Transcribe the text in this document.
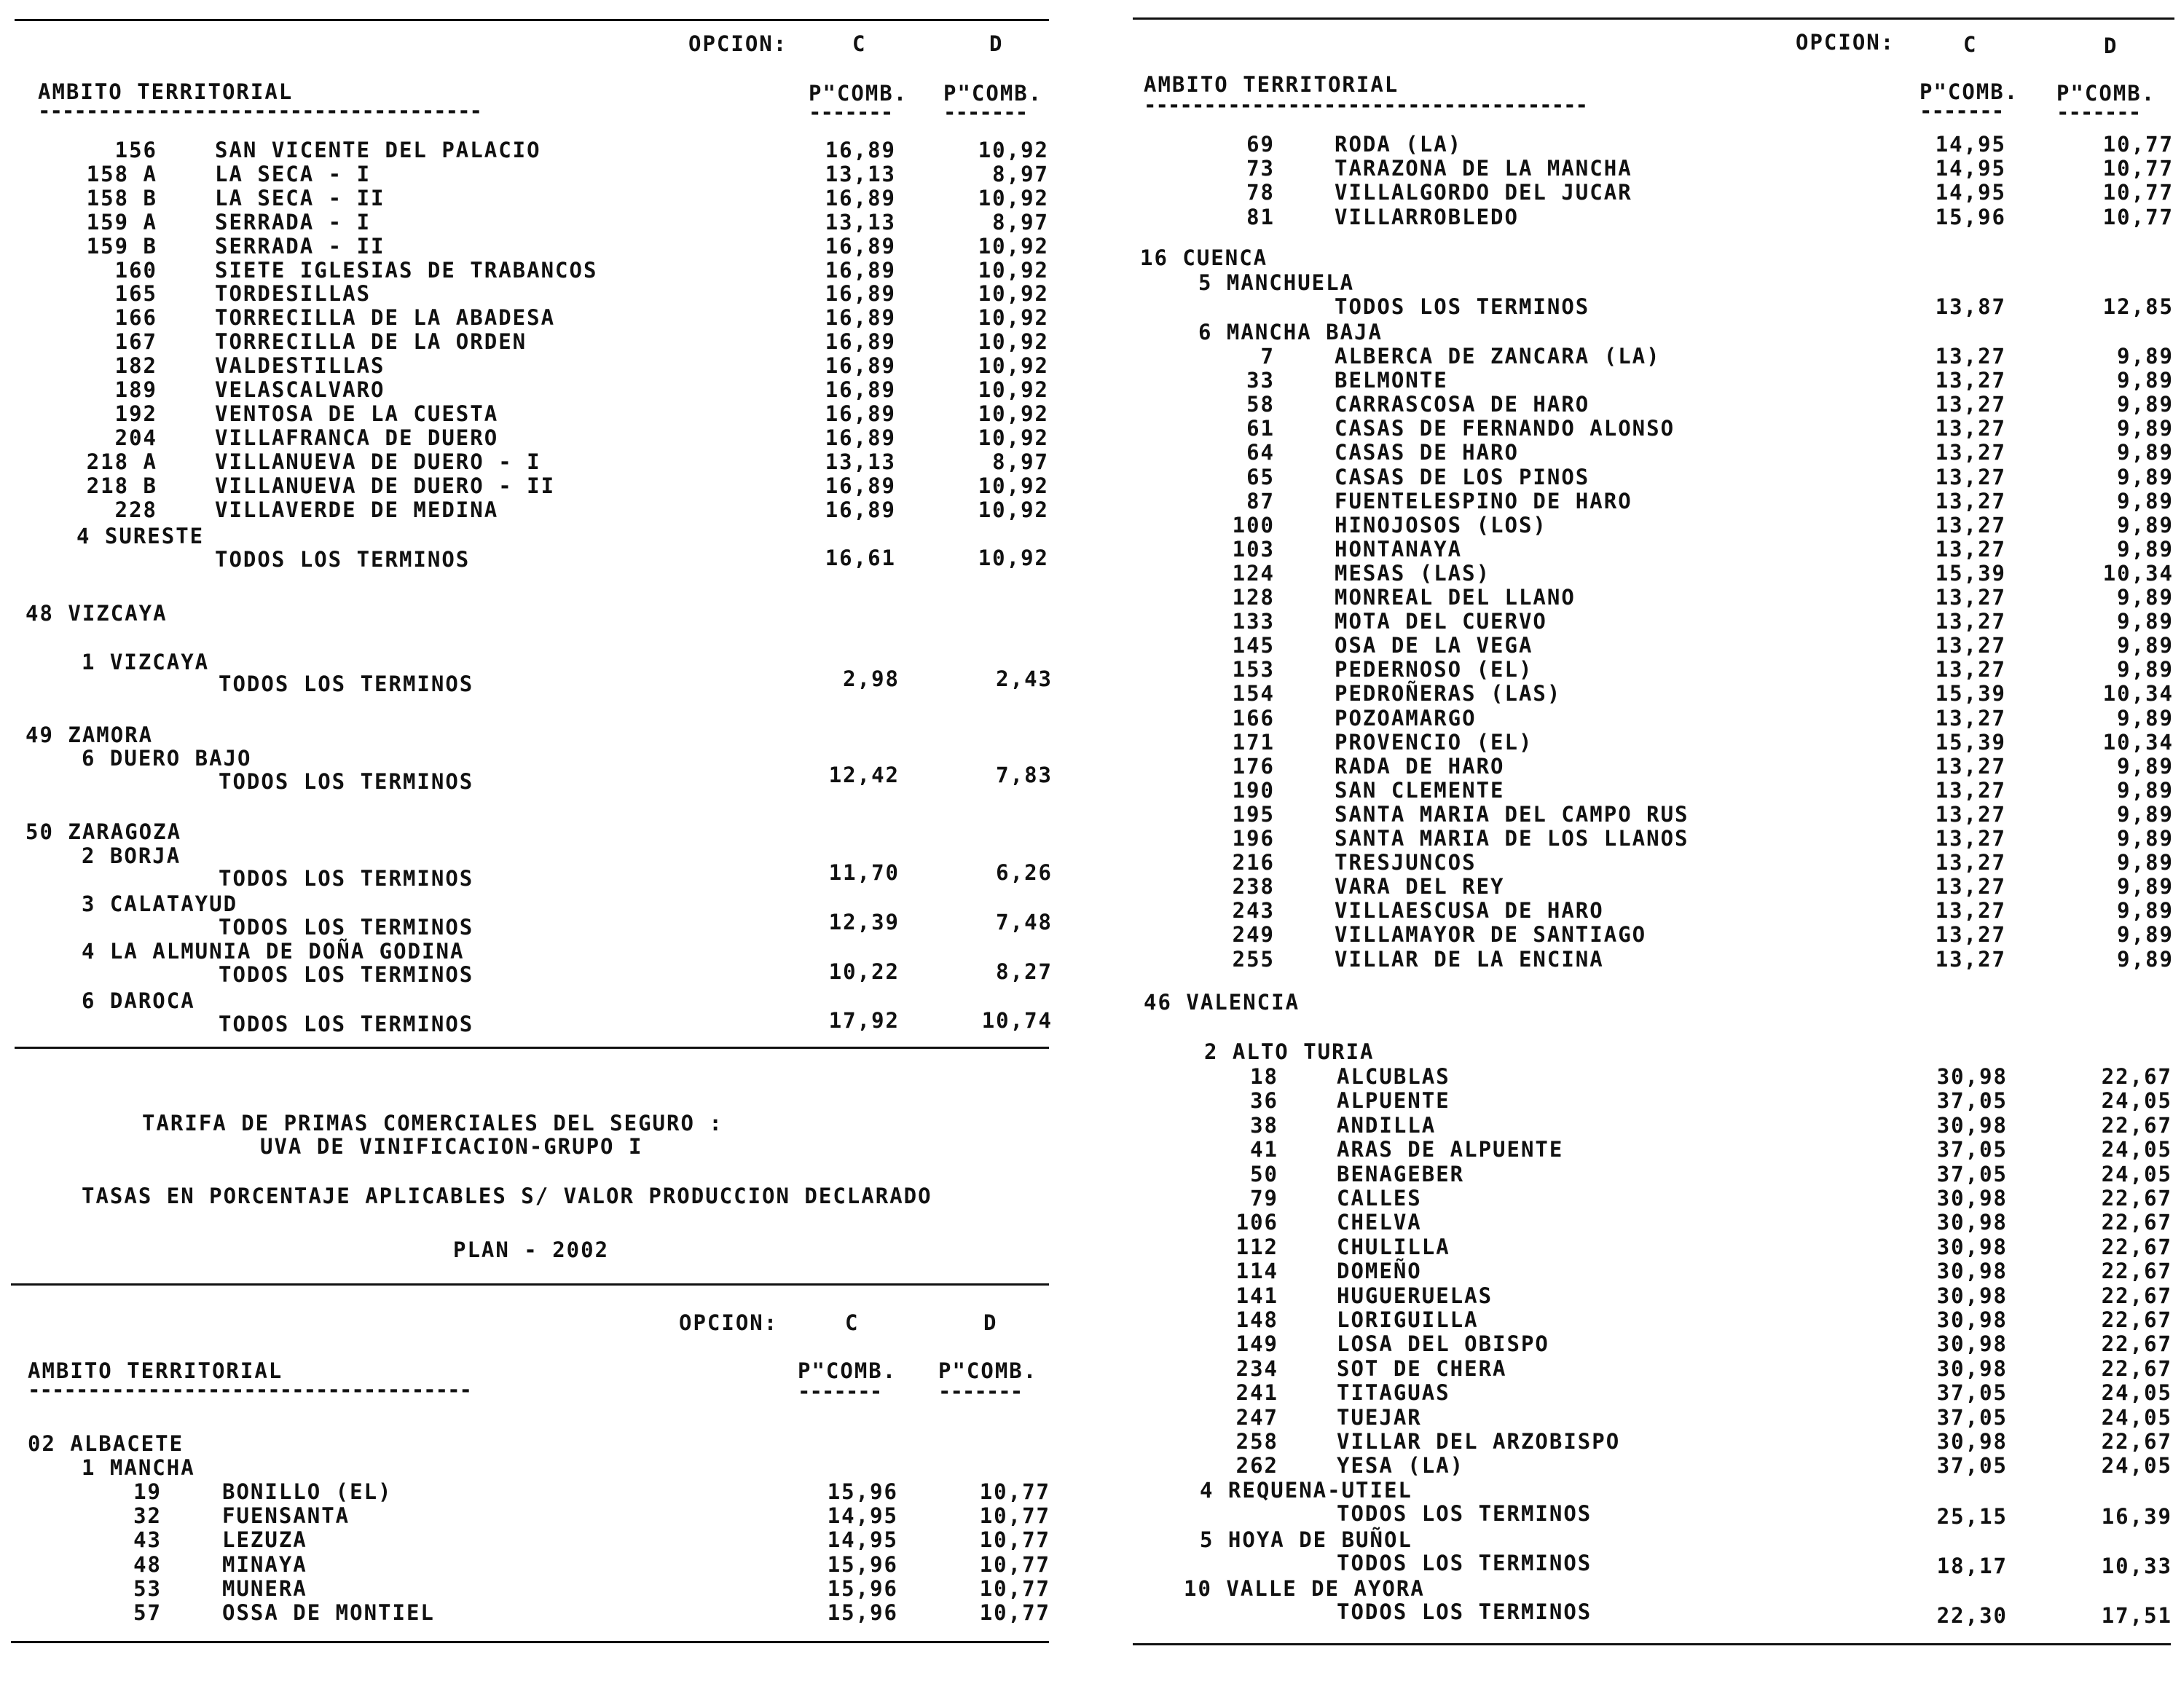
OPCION:	C	D
AMBITO TERRITORIAL	P"COMB. P"COMB.
-------------------------------------	------- -------
156	SAN VICENTE DEL PALACIO	16,89	10,92
158 A	LA SECA - I	13,13	8,97
158 B	LA SECA - II	16,89	10,92
159 A	SERRADA - I	13,13	8,97
159 B	SERRADA - II	16,89	10,92
160	SIETE IGLESIAS DE TRABANCOS	16,89	10,92
165	TORDESILLAS	16,89	10,92
166	TORRECILLA DE LA ABADESA	16,89	10,92
167	TORRECILLA DE LA ORDEN	16,89	10,92
182	VALDESTILLAS	16,89	10,92
189	VELASCALVARO	16,89	10,92
192	VENTOSA DE LA CUESTA	16,89	10,92
204	VILLAFRANCA DE DUERO	16,89	10,92
218 A	VILLANUEVA DE DUERO - I	13,13	8,97
218 B	VILLANUEVA DE DUERO - II	16,89	10,92
228	VILLAVERDE DE MEDINA	16,89	10,92
4 SURESTE
TODOS LOS TERMINOS	16,61	10,92
48 VIZCAYA
1 VIZCAYA
TODOS LOS TERMINOS	2,98	2,43
49 ZAMORA
6 DUERO BAJO
TODOS LOS TERMINOS	12,42	7,83
50 ZARAGOZA
2 BORJA
TODOS LOS TERMINOS	11,70	6,26
3 CALATAYUD
TODOS LOS TERMINOS	12,39	7,48
4 LA ALMUNIA DE DOÑA GODINA
TODOS LOS TERMINOS	10,22	8,27
6 DAROCA
TODOS LOS TERMINOS	17,92	10,74
TARIFA DE PRIMAS COMERCIALES DEL SEGURO :
UVA DE VINIFICACION-GRUPO I
TASAS EN PORCENTAJE APLICABLES S/ VALOR PRODUCCION DECLARADO
PLAN - 2002
OPCION:	C	D
AMBITO TERRITORIAL	P"COMB. P"COMB.
-------------------------------------	-------	-------
02 ALBACETE
1 MANCHA
19	BONILLO (EL)	15,96	10,77
32	FUENSANTA	14,95	10,77
43	LEZUZA	14,95	10,77
48	MINAYA	15,96	10,77
53	MUNERA	15,96	10,77
57	OSSA DE MONTIEL	15,96	10,77
OPCION:	C	D
AMBITO TERRITORIAL	P"COMB. P"COMB.
-------------------------------------	-------	-------
69	RODA (LA)	14,95	10,77
73	TARAZONA DE LA MANCHA	14,95	10,77
78	VILLALGORDO DEL JUCAR	14,95	10,77
81	VILLARROBLEDO	15,96	10,77
16 CUENCA
5 MANCHUELA
TODOS LOS TERMINOS	13,87	12,85
6 MANCHA BAJA
7	ALBERCA DE ZANCARA (LA)	13,27	9,89
33	BELMONTE	13,27	9,89
58	CARRASCOSA DE HARO	13,27	9,89
61	CASAS DE FERNANDO ALONSO	13,27	9,89
64	CASAS DE HARO	13,27	9,89
65	CASAS DE LOS PINOS	13,27	9,89
87	FUENTELESPINO DE HARO	13,27	9,89
100	HINOJOSOS (LOS)	13,27	9,89
103	HONTANAYA	13,27	9,89
124	MESAS (LAS)	15,39	10,34
128	MONREAL DEL LLANO	13,27	9,89
133	MOTA DEL CUERVO	13,27	9,89
145	OSA DE LA VEGA	13,27	9,89
153	PEDERNOSO (EL)	13,27	9,89
154	PEDROÑERAS (LAS)	15,39	10,34
166	POZOAMARGO	13,27	9,89
171	PROVENCIO (EL)	15,39	10,34
176	RADA DE HARO	13,27	9,89
190	SAN CLEMENTE	13,27	9,89
195	SANTA MARIA DEL CAMPO RUS	13,27	9,89
196	SANTA MARIA DE LOS LLANOS	13,27	9,89
216	TRESJUNCOS	13,27	9,89
238	VARA DEL REY	13,27	9,89
243	VILLAESCUSA DE HARO	13,27	9,89
249	VILLAMAYOR DE SANTIAGO	13,27	9,89
255	VILLAR DE LA ENCINA	13,27	9,89
46 VALENCIA
2 ALTO TURIA
18	ALCUBLAS	30,98	22,67
36	ALPUENTE	37,05	24,05
38	ANDILLA	30,98	22,67
41	ARAS DE ALPUENTE	37,05	24,05
50	BENAGEBER	37,05	24,05
79	CALLES	30,98	22,67
106	CHELVA	30,98	22,67
112	CHULILLA	30,98	22,67
114	DOMEÑO	30,98	22,67
141	HUGUERUELAS	30,98	22,67
148	LORIGUILLA	30,98	22,67
149	LOSA DEL OBISPO	30,98	22,67
234	SOT DE CHERA	30,98	22,67
241	TITAGUAS	37,05	24,05
247	TUEJAR	37,05	24,05
258	VILLAR DEL ARZOBISPO	30,98	22,67
262	YESA (LA)	37,05	24,05
4 REQUENA-UTIEL
TODOS LOS TERMINOS	25,15	16,39
5 HOYA DE BUÑOL
TODOS LOS TERMINOS	18,17	10,33
10 VALLE DE AYORA
TODOS LOS TERMINOS	22,30	17,51
